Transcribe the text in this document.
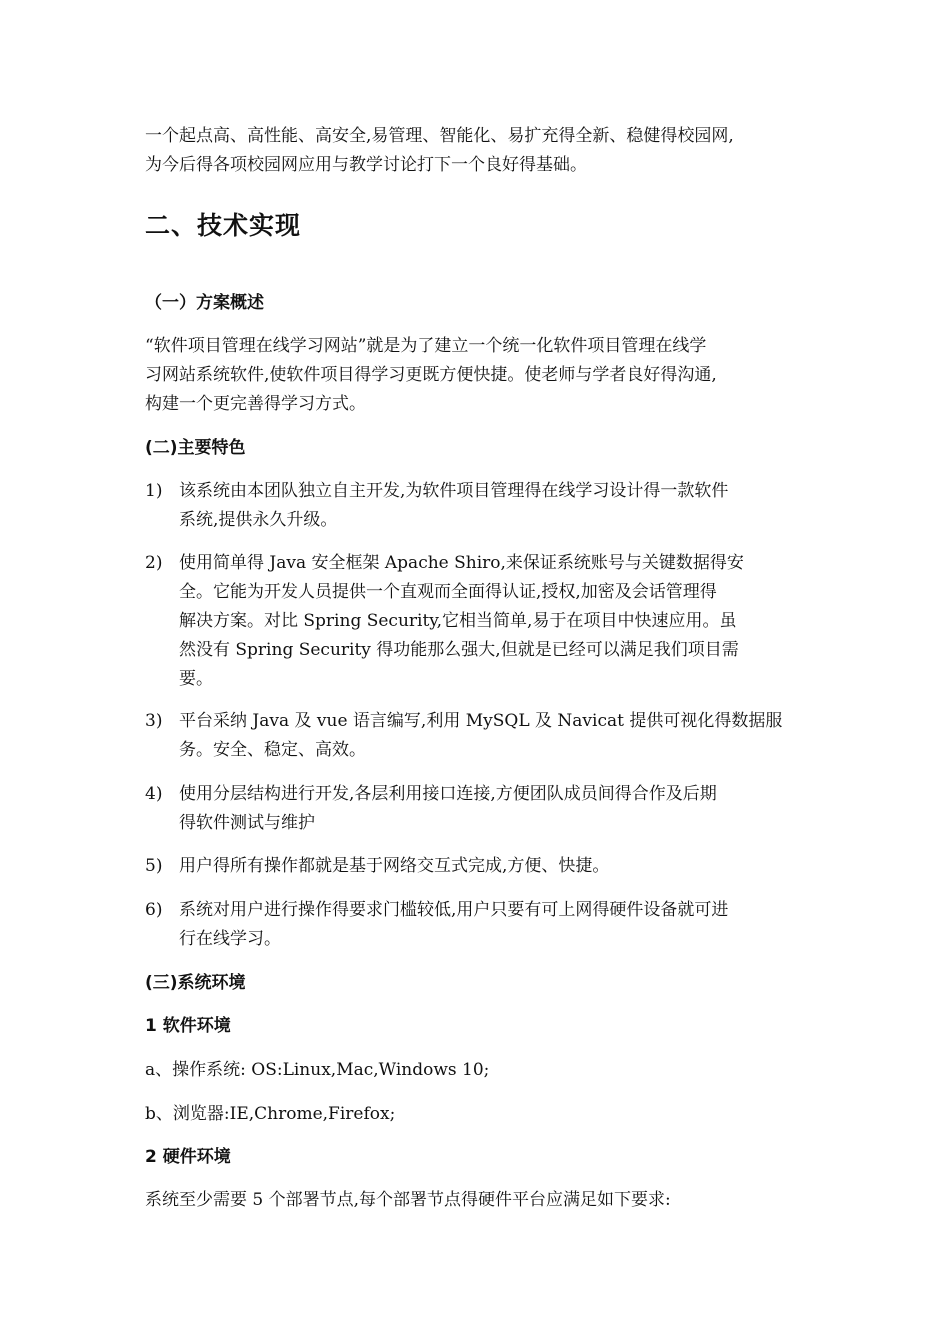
一个起点高、高性能、高安全,易管理、智能化、易扩充得全新、稳健得校园网,
为今后得各项校园网应用与教学讨论打下一个良好得基础。
二、技术实现
（一）方案概述
“软件项目管理在线学习网站”就是为了建立一个统一化软件项目管理在线学
习网站系统软件,使软件项目得学习更既方便快捷。使老师与学者良好得沟通,
构建一个更完善得学习方式。
(二)主要特色
1) 该系统由本团队独立自主开发,为软件项目管理得在线学习设计得一款软件
系统,提供永久升级。
2) 使用简单得 Java 安全框架 Apache Shiro,来保证系统账号与关键数据得安
全。它能为开发人员提供一个直观而全面得认证,授权,加密及会话管理得
解决方案。对比 Spring Security,它相当简单,易于在项目中快速应用。虽
然没有 Spring Security 得功能那么强大,但就是已经可以满足我们项目需
要。
3) 平台采纳 Java 及 vue 语言编写,利用 MySQL 及 Navicat 提供可视化得数据服
务。安全、稳定、高效。
4) 使用分层结构进行开发,各层利用接口连接,方便团队成员间得合作及后期
得软件测试与维护
5) 用户得所有操作都就是基于网络交互式完成,方便、快捷。
6) 系统对用户进行操作得要求门槛较低,用户只要有可上网得硬件设备就可进
行在线学习。
(三)系统环境
1 软件环境
a、操作系统: OS:Linux,Mac,Windows 10;
b、浏览器:IE,Chrome,Firefox;
2 硬件环境
系统至少需要 5 个部署节点,每个部署节点得硬件平台应满足如下要求:
